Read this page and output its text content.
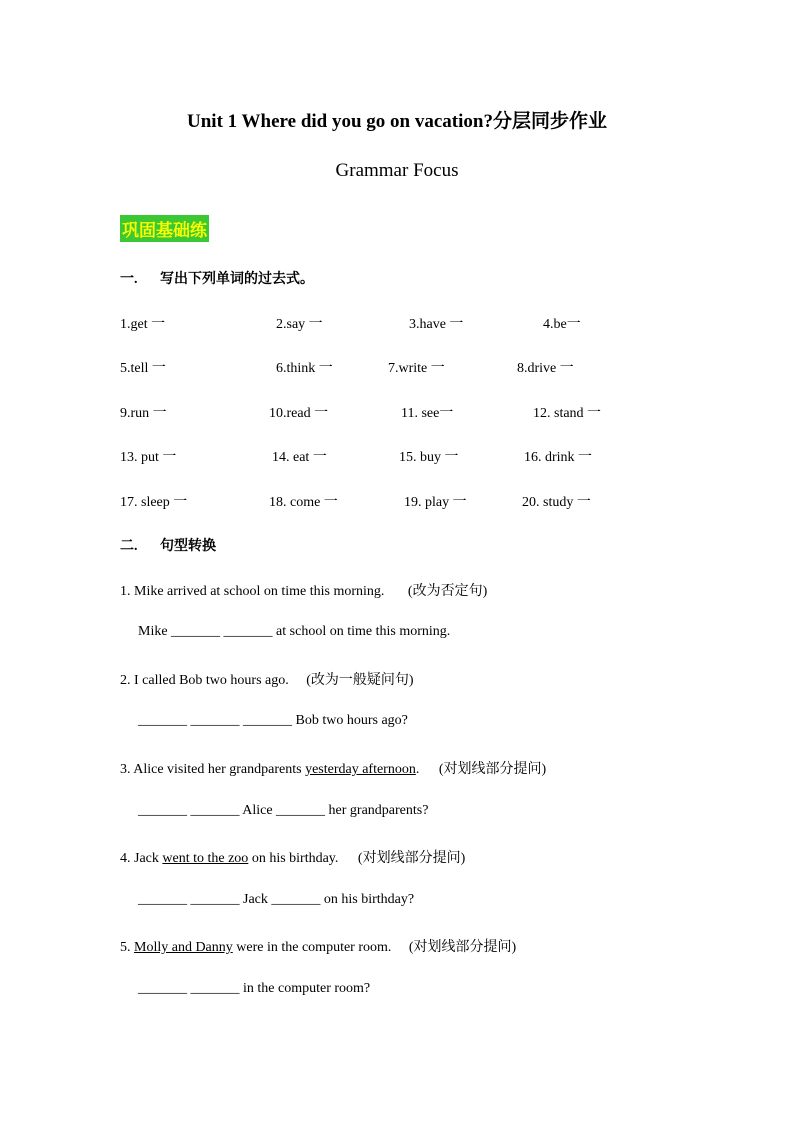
Unit 1 Where did you go on vacation?分层同步作业
Grammar Focus
巩固基础练
一. 写出下列单词的过去式。
1.get 一	2.say 一	3.have 一	4.be一
5.tell 一	6.think 一	7.write 一	8.drive 一
9.run 一	10.read 一	11. see一	12. stand 一
13. put 一	14. eat 一	15. buy 一	16. drink 一
17. sleep 一	18. come 一	19. play 一	20. study 一
二. 句型转换
1. Mike arrived at school on time this morning. (改为否定句)
Mike _______ _______ at school on time this morning.
2. I called Bob two hours ago. (改为一般疑问句)
_______ _______ _______ Bob two hours ago?
3. Alice visited her grandparents yesterday afternoon. (对划线部分提问)
_______ _______ Alice _______ her grandparents?
4. Jack went to the zoo on his birthday. (对划线部分提问)
_______ _______ Jack _______ on his birthday?
5. Molly and Danny were in the computer room. (对划线部分提问)
_______ _______ in the computer room?
